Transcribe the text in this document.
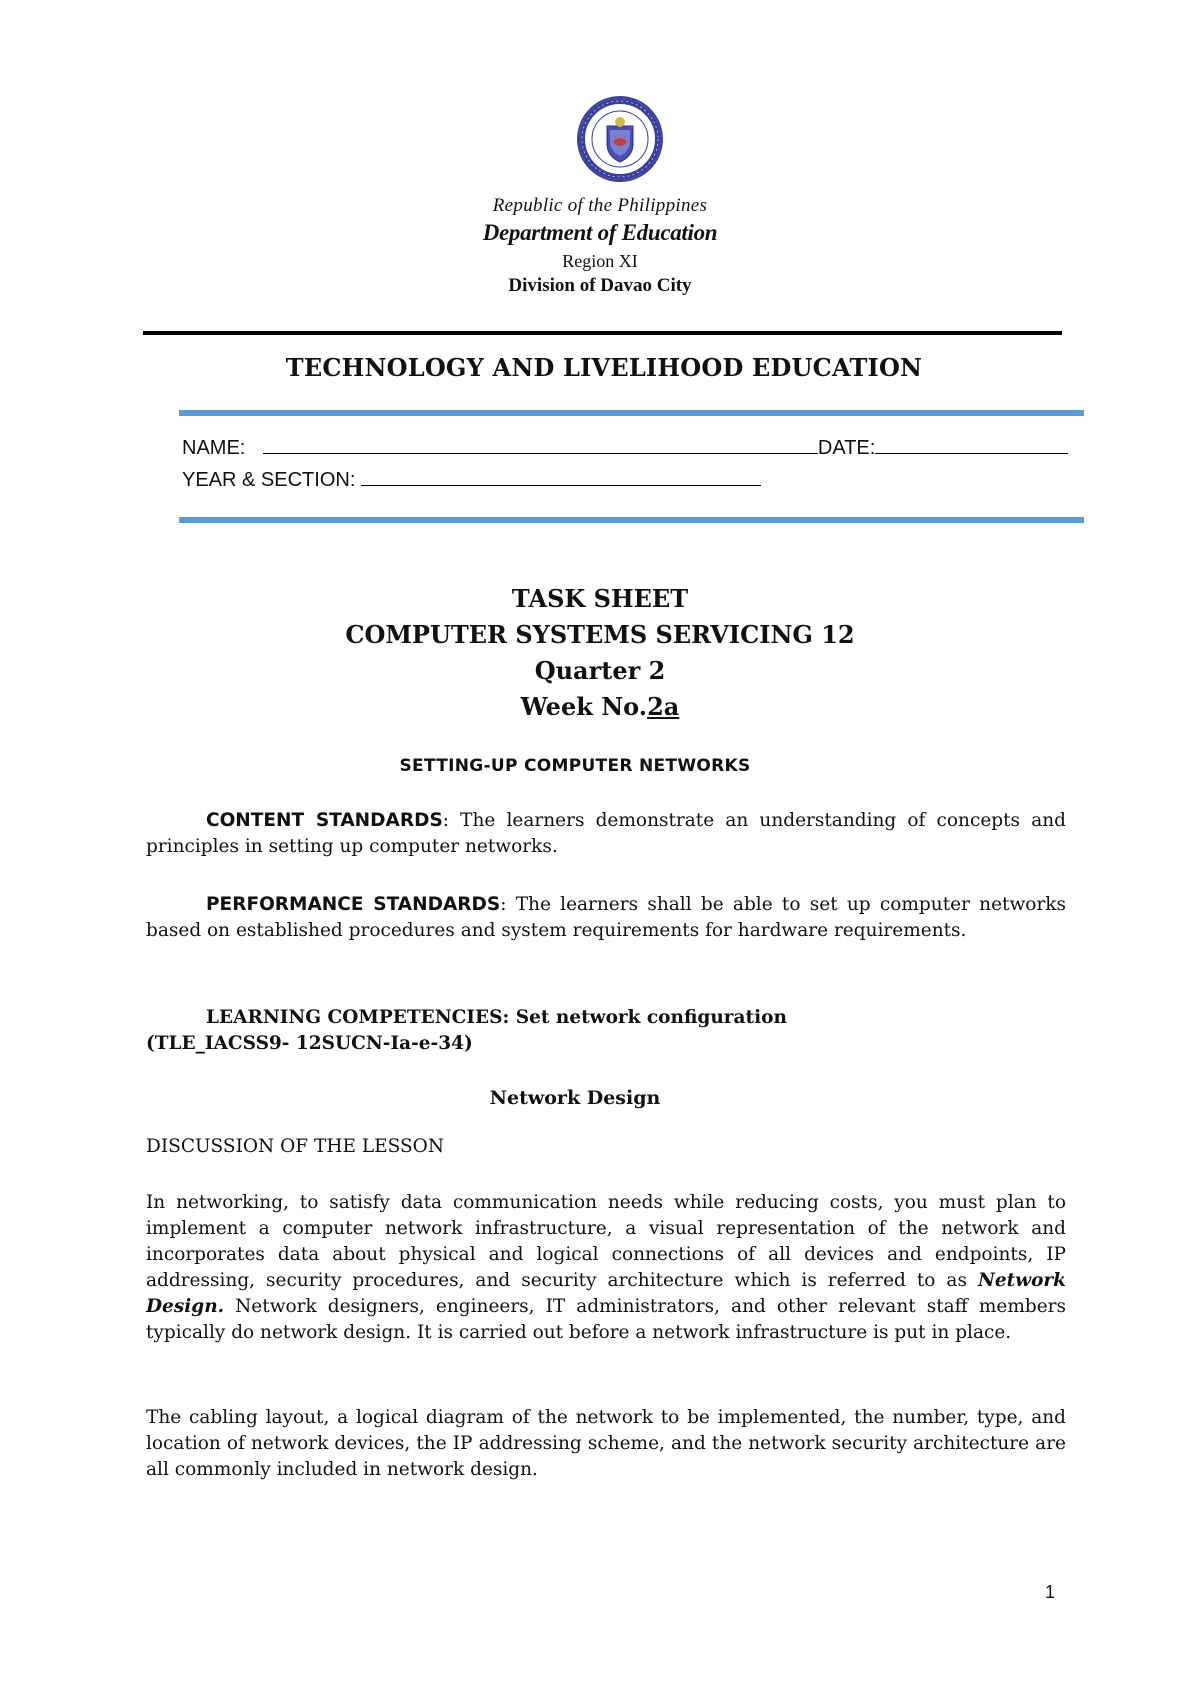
Republic of the Philippines
Department of Education
Region XI
Division of Davao City
TECHNOLOGY AND LIVELIHOOD EDUCATION
NAME:	DATE:
YEAR & SECTION:
TASK SHEET
COMPUTER SYSTEMS SERVICING 12
Quarter 2
Week No.2a
SETTING-UP COMPUTER NETWORKS
CONTENT STANDARDS: The learners demonstrate an understanding of concepts and principles in setting up computer networks.
PERFORMANCE STANDARDS: The learners shall be able to set up computer networks based on established procedures and system requirements for hardware requirements.
LEARNING COMPETENCIES: Set network configuration
(TLE_IACSS9- 12SUCN-Ia-e-34)
Network Design
DISCUSSION OF THE LESSON
In networking, to satisfy data communication needs while reducing costs, you must plan to implement a computer network infrastructure, a visual representation of the network and incorporates data about physical and logical connections of all devices and endpoints, IP addressing, security procedures, and security architecture which is referred to as Network Design. Network designers, engineers, IT administrators, and other relevant staff members typically do network design. It is carried out before a network infrastructure is put in place.
The cabling layout, a logical diagram of the network to be implemented, the number, type, and location of network devices, the IP addressing scheme, and the network security architecture are all commonly included in network design.
1
